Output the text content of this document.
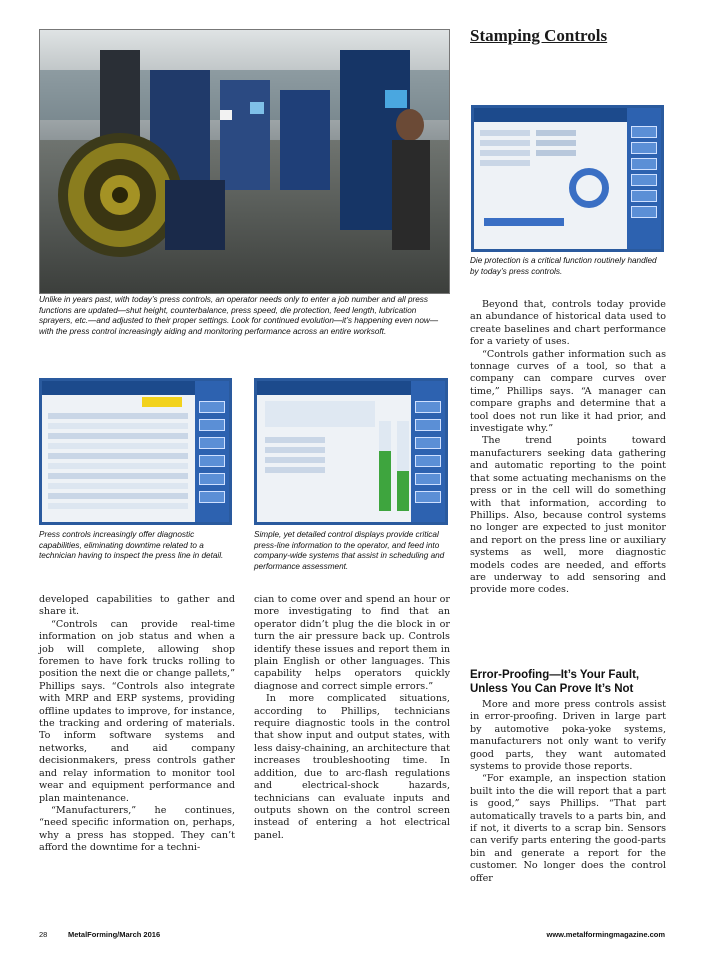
Stamping Controls

Unlike in years past, with today’s press controls, an operator needs only to enter a job number and all press functions are updated—shut height, counterbalance, press speed, die protection, feed length, lubrication sprayers, etc.—and adjusted to their proper settings. Look for continued evolution—it’s happening even now—with the press control increasingly aiding and monitoring performance across an entire worksoft.

Die protection is a critical function routinely handled by today’s press controls.

Press controls increasingly offer diagnostic capabilities, eliminating downtime related to a technician having to inspect the press line in detail.

Simple, yet detailed control displays provide critical press-line information to the operator, and feed into company-wide systems that assist in scheduling and performance assessment.

developed capabilities to gather and share it.

“Controls can provide real-time information on job status and when a job will complete, allowing shop foremen to have fork trucks rolling to position the next die or change pallets,” Phillips says. “Controls also integrate with MRP and ERP systems, providing offline updates to improve, for instance, the tracking and ordering of materials. To inform software systems and networks, and aid company decisionmakers, press controls gather and relay information to monitor tool wear and equipment performance and plan maintenance.

“Manufacturers,” he continues, “need specific information on, perhaps, why a press has stopped. They can’t afford the downtime for a techni-

cian to come over and spend an hour or more investigating to find that an operator didn’t plug the die block in or turn the air pressure back up. Controls identify these issues and report them in plain English or other languages. This capability helps operators quickly diagnose and correct simple errors.”

In more complicated situations, according to Phillips, technicians require diagnostic tools in the control that show input and output states, with less daisy-chaining, an architecture that increases troubleshooting time. In addition, due to arc-flash regulations and electrical-shock hazards, technicians can evaluate inputs and outputs shown on the control screen instead of entering a hot electrical panel.

Beyond that, controls today provide an abundance of historical data used to create baselines and chart performance for a variety of uses.

“Controls gather information such as tonnage curves of a tool, so that a company can compare curves over time,” Phillips says. “A manager can compare graphs and determine that a tool does not run like it had prior, and investigate why.”

The trend points toward manufacturers seeking data gathering and automatic reporting to the point that some actuating mechanisms on the press or in the cell will do something with that information, according to Phillips. Also, because control systems no longer are expected to just monitor and report on the press line or auxiliary systems as well, more diagnostic models codes are needed, and efforts are underway to add sensoring and provide more codes.

Error-Proofing—It’s Your Fault, Unless You Can Prove It’s Not

More and more press controls assist in error-proofing. Driven in large part by automotive poka-yoke systems, manufacturers not only want to verify good parts, they want automated systems to provide those reports.

“For example, an inspection station built into the die will report that a part is good,” says Phillips. “That part automatically travels to a parts bin, and if not, it diverts to a scrap bin. Sensors can verify parts entering the good-parts bin and generate a report for the customer. No longer does the control offer

28	MetalForming/March 2016	www.metalformingmagazine.com
